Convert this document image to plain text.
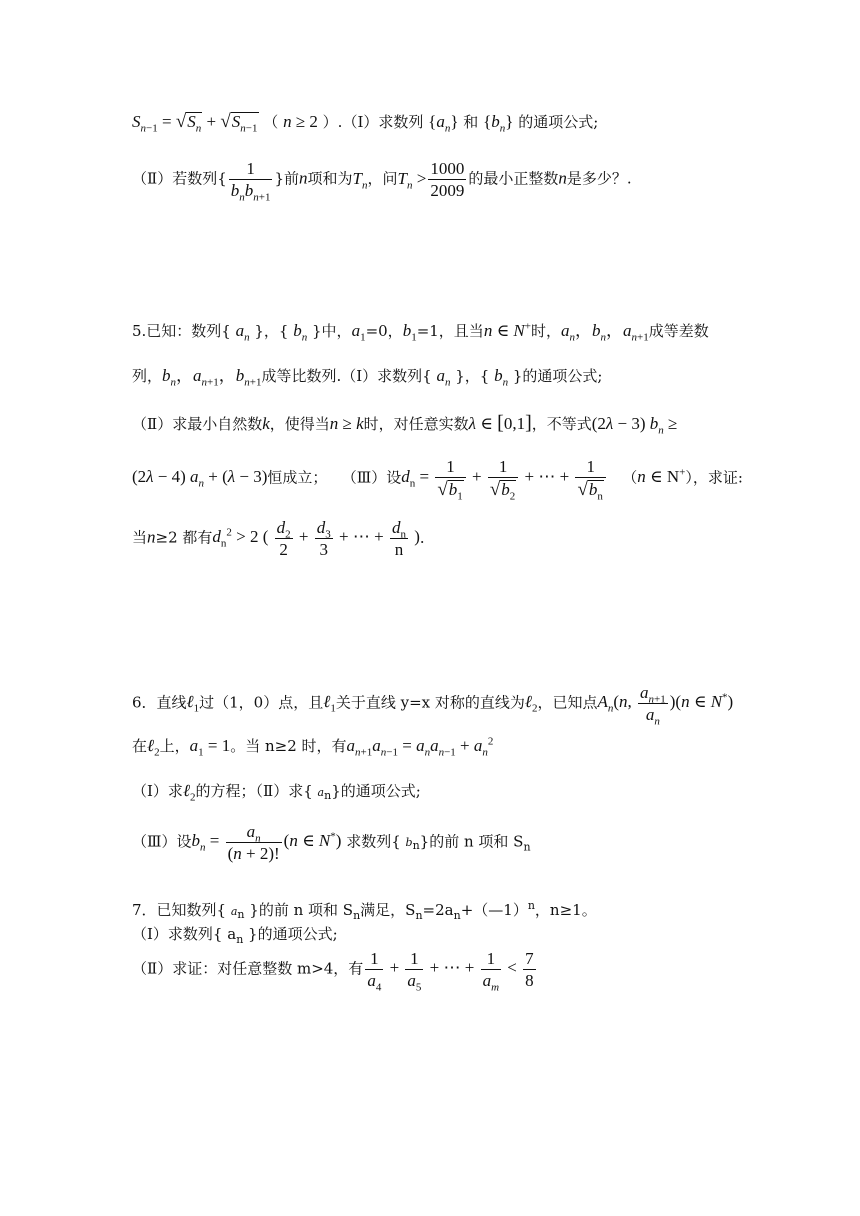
$S_{n-1} = √S_n + √S_{n-1}$ （ n ≥ 2 ）.（Ⅰ）求数列 $\{a_n\}$ 和 $\{b_n\}$ 的通项公式;
（Ⅱ）若数列{ $\frac{1}{b_nb_{n+1}}$ }前n项和为$T_n$，问$T_n > \frac{1000}{2009}$ 的最小正整数n是多少？.
5.已知：数列{ $a_n$ }，{ $b_n$ }中，$a_1=0$，$b_1=1$，且当n ∈ N+时，$a_n$，$b_n$，$a_{n+1}$成等差数
列，$b_n$，$a_{n+1}$，$b_{n+1}$成等比数列.（Ⅰ）求数列{ $a_n$ }，{ $b_n$ }的通项公式;
（Ⅱ）求最小自然数k，使得当n ≥ k时，对任意实数λ ∈ [0,1]，不等式(2λ − 3) $b_n$ ≥
(2λ − 4) $a_n + (\lambda - 3)$恒成立； （Ⅲ）设$d_n = \frac{1}{√b_1} + \frac{1}{√b_2}$ + ⋯ + $\frac{1}{√b_n} (n$ ∈ N+），求证:
当n≥2 都有$d_n^2 > 2$ ( $\frac{d_2}{2} + \frac{d_3}{3}$ + ⋯ + $\frac{d_n}{n}$ )．
6．直线ℓ$_1$过（1，0）点，且ℓ$_1$关于直线 y=x 对称的直线为ℓ$_2$，已知点$A_n(n$, $\frac{a_{n+1}}{a_n} )(n$ ∈ N*)
在ℓ$_2$上，$a_1 = 1$。当 n≥2 时，有$a_{n+1}a_{n-1} = a_na_{n-1} + a_n^2$
（Ⅰ）求ℓ$_2$的方程；（Ⅱ）求{ $a_n$}的通项公式;
（Ⅲ）设$b_n = \frac{a_n}{(n + 2)!} (n$ ∈ N*) 求数列{ $b_n$}的前 n 项和 $S_n$
7．已知数列{ $a_n$ }的前 n 项和 $S_n$满足，$S_n=2a_n+(—1)^n$，n≥1。
（Ⅰ）求数列{ $a_n$ }的通项公式;
（Ⅱ）求证：对任意整数 m>4，有 $\frac{1}{a_4} + \frac{1}{a_5}$ + ⋯ + $\frac{1}{a_m} < \frac{7}{8}$
